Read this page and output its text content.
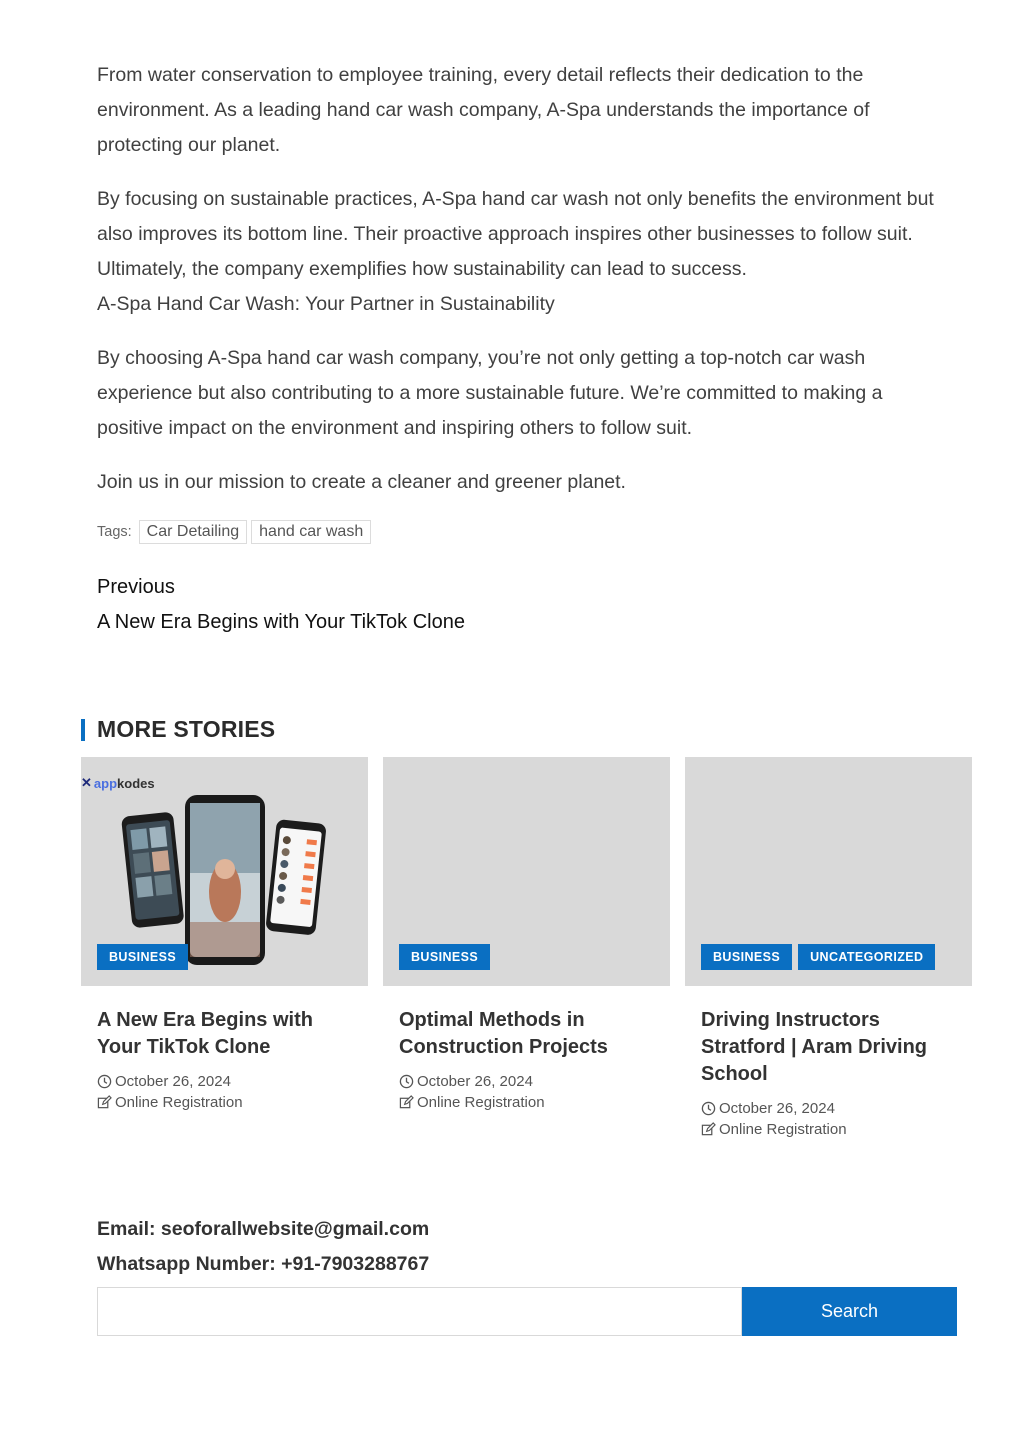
From water conservation to employee training, every detail reflects their dedication to the environment. As a leading hand car wash company, A-Spa understands the importance of protecting our planet.

By focusing on sustainable practices, A-Spa hand car wash not only benefits the environment but also improves its bottom line. Their proactive approach inspires other businesses to follow suit. Ultimately, the company exemplifies how sustainability can lead to success.

A-Spa Hand Car Wash: Your Partner in Sustainability

By choosing A-Spa hand car wash company, you’re not only getting a top-notch car wash experience but also contributing to a more sustainable future. We’re committed to making a positive impact on the environment and inspiring others to follow suit.

Join us in our mission to create a cleaner and greener planet.

Tags: Car Detailing	hand car wash
Previous
A New Era Begins with Your TikTok Clone
MORE STORIES
✕ appkodes
BUSINESS
A New Era Begins with Your TikTok Clone
October 26, 2024
Online Registration
BUSINESS
Optimal Methods in Construction Projects
October 26, 2024
Online Registration
BUSINESS	UNCATEGORIZED
Driving Instructors Stratford | Aram Driving School
October 26, 2024
Online Registration
Email: seoforallwebsite@gmail.com
Whatsapp Number: +91-7903288767
Search
